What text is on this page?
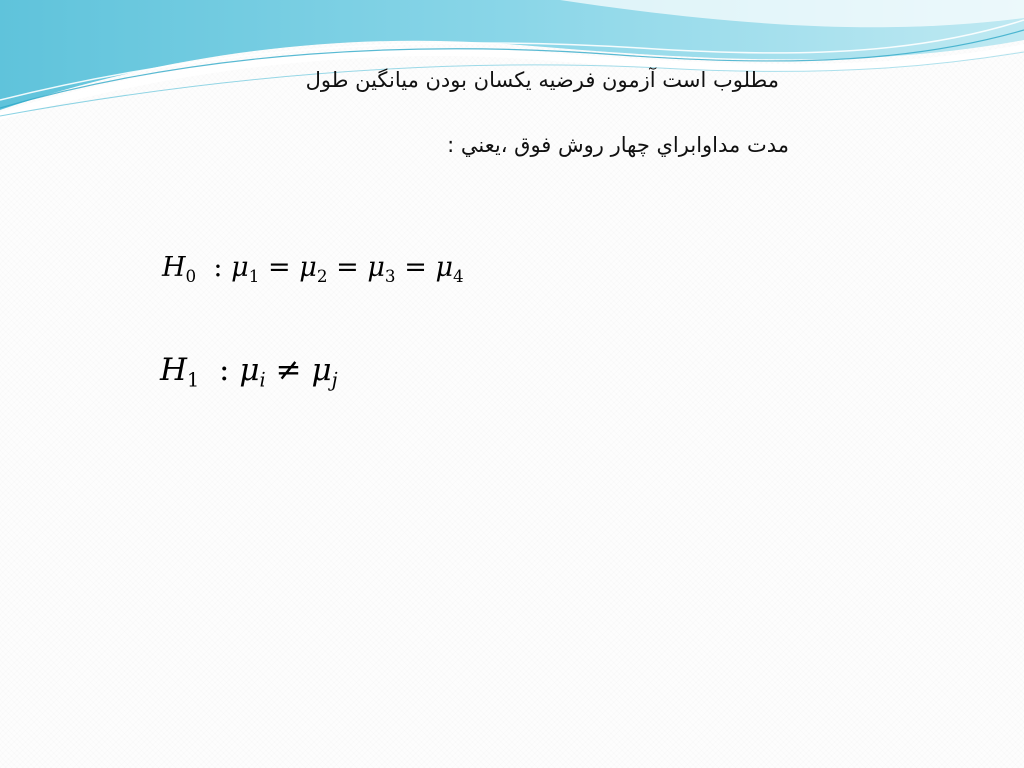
مطلوب است آزمون فرضيه يكسان بودن ميانگين طول
مدت مداوابراي چهار روش فوق ،يعني :
$H_0$ : $\mu_1 = \mu_2 = \mu_3 = \mu_4$
$H_1$ : $\mu_i \ne \mu_j$
